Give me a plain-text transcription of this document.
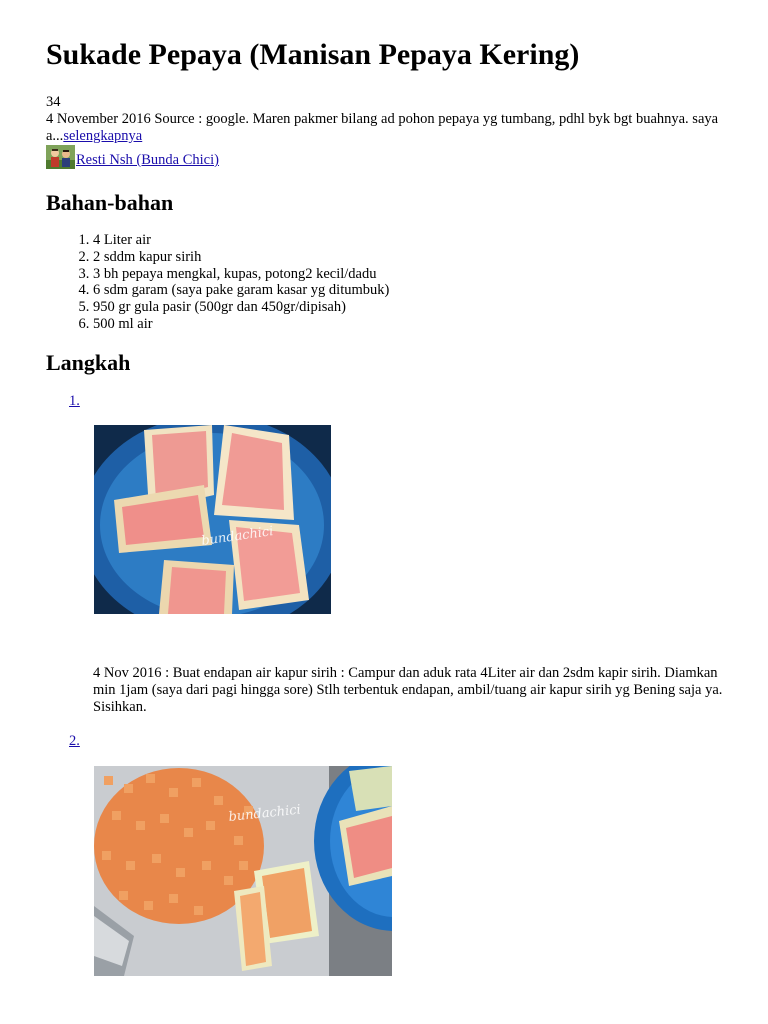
Sukade Pepaya (Manisan Pepaya Kering)
34
4 November 2016 Source : google. Maren pakmer bilang ad pohon pepaya yg tumbang, pdhl byk bgt buahnya. saya a...selengkapnya
Resti Nsh (Bunda Chici)
Bahan-bahan
1. 4 Liter air
2. 2 sddm kapur sirih
3. 3 bh pepaya mengkal, kupas, potong2 kecil/dadu
4. 6 sdm garam (saya pake garam kasar yg ditumbuk)
5. 950 gr gula pasir (500gr dan 450gr/dipisah)
6. 500 ml air
Langkah
1.
bundachici
4 Nov 2016 : Buat endapan air kapur sirih : Campur dan aduk rata 4Liter air dan 2sdm kapir sirih. Diamkan min 1jam (saya dari pagi hingga sore) Stlh terbentuk endapan, ambil/tuang air kapur sirih yg Bening saja ya. Sisihkan.
2.
bundachici
